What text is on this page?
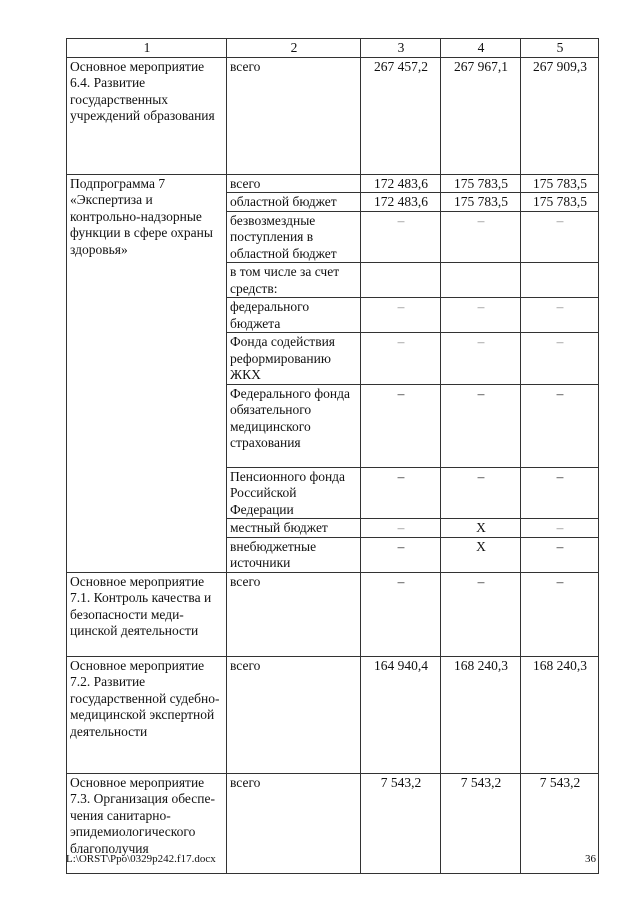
1	2	3	4	5
Основное мероприятие 6.4. Развитие государственных учреждений образования	всего	267 457,2	267 967,1	267 909,3
Подпрограмма 7 «Экспертиза и контрольно-надзорные функции в сфере охраны здоровья»	всего	172 483,6	175 783,5	175 783,5
	областной бюджет	172 483,6	175 783,5	175 783,5
	безвозмездные поступления в областной бюджет	–	–	–
	в том числе за счет средств:			
	федерального бюджета	–	–	–
	Фонда содействия реформированию ЖКХ	–	–	–
	Федерального фонда обязательного медицинского страхования	–	–	–
	Пенсионного фонда Российской Федерации	–	–	–
	местный бюджет	–	X	–
	внебюджетные источники	–	X	–
Основное мероприятие 7.1. Контроль качества и безопасности меди-цинской деятельности	всего	–	–	–
Основное мероприятие 7.2. Развитие государственной судебно-медицинской экспертной деятельности	всего	164 940,4	168 240,3	168 240,3
Основное мероприятие 7.3. Организация обеспе-чения санитарно-эпидемиологического благополучия	всего	7 543,2	7 543,2	7 543,2
L:\ORST\Ppo\0329p242.f17.docx	36
